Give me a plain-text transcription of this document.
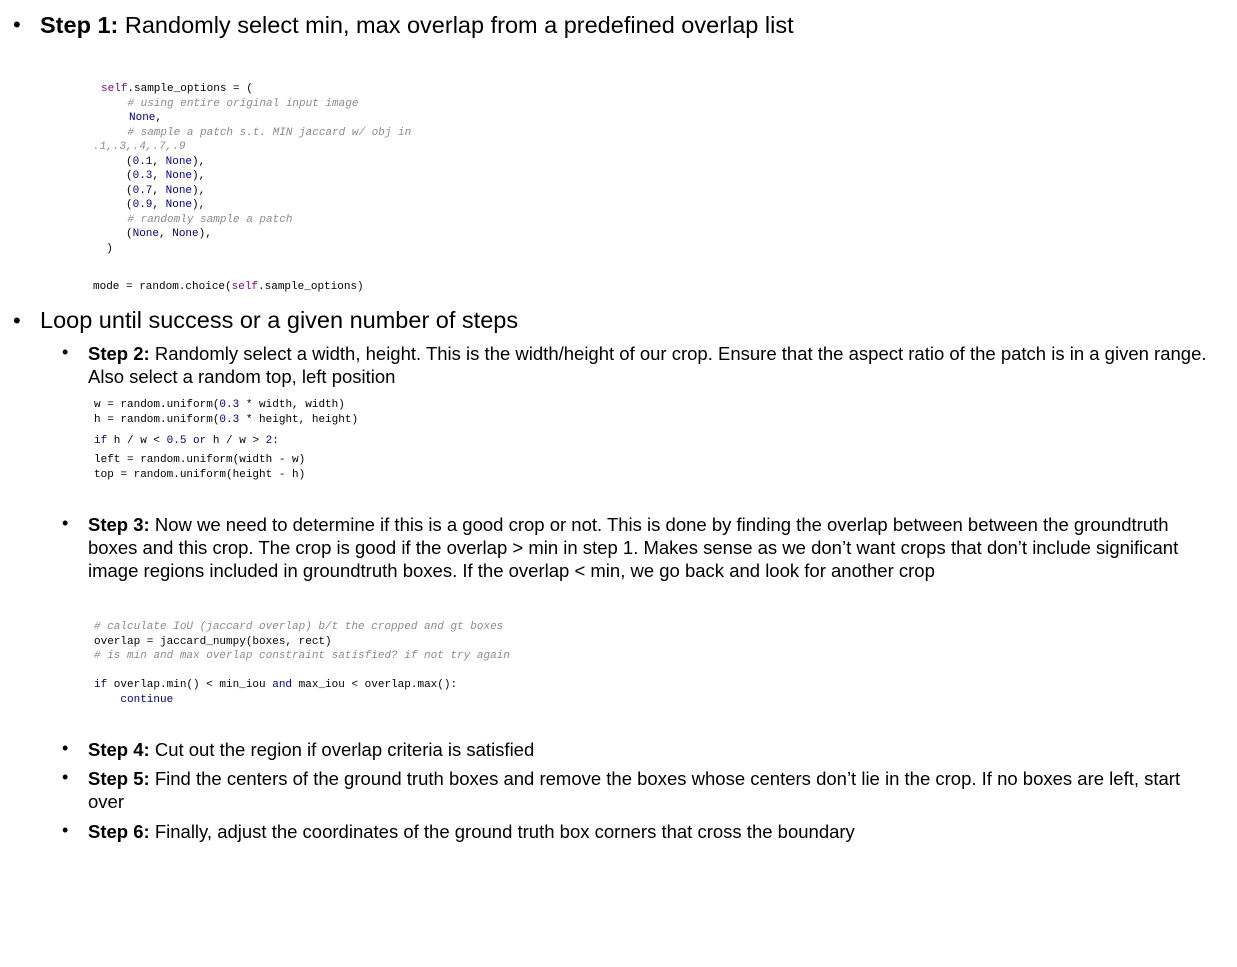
• Step 1: Randomly select min, max overlap from a predefined overlap list
self.sample_options = (
# using entire original input image
None,
# sample a patch s.t. MIN jaccard w/ obj in
.1,.3,.4,.7,.9
(0.1, None),
(0.3, None),
(0.7, None),
(0.9, None),
# randomly sample a patch
(None, None),
)
mode = random.choice(self.sample_options)
• Loop until success or a given number of steps
• Step 2: Randomly select a width, height. This is the width/height of our crop. Ensure that the aspect ratio of the patch is in a given range. Also select a random top, left position
w = random.uniform(0.3 * width, width)
h = random.uniform(0.3 * height, height)
if h / w < 0.5 or h / w > 2:
left = random.uniform(width - w)
top = random.uniform(height - h)
• Step 3: Now we need to determine if this is a good crop or not. This is done by finding the overlap between between the groundtruth boxes and this crop. The crop is good if the overlap > min in step 1. Makes sense as we don’t want crops that don’t include significant image regions included in groundtruth boxes. If the overlap < min, we go back and look for another crop
# calculate IoU (jaccard overlap) b/t the cropped and gt boxes
overlap = jaccard_numpy(boxes, rect)
# is min and max overlap constraint satisfied? if not try again
if overlap.min() < min_iou and max_iou < overlap.max():
continue
• Step 4: Cut out the region if overlap criteria is satisfied
• Step 5: Find the centers of the ground truth boxes and remove the boxes whose centers don’t lie in the crop. If no boxes are left, start over
• Step 6: Finally, adjust the coordinates of the ground truth box corners that cross the boundary
